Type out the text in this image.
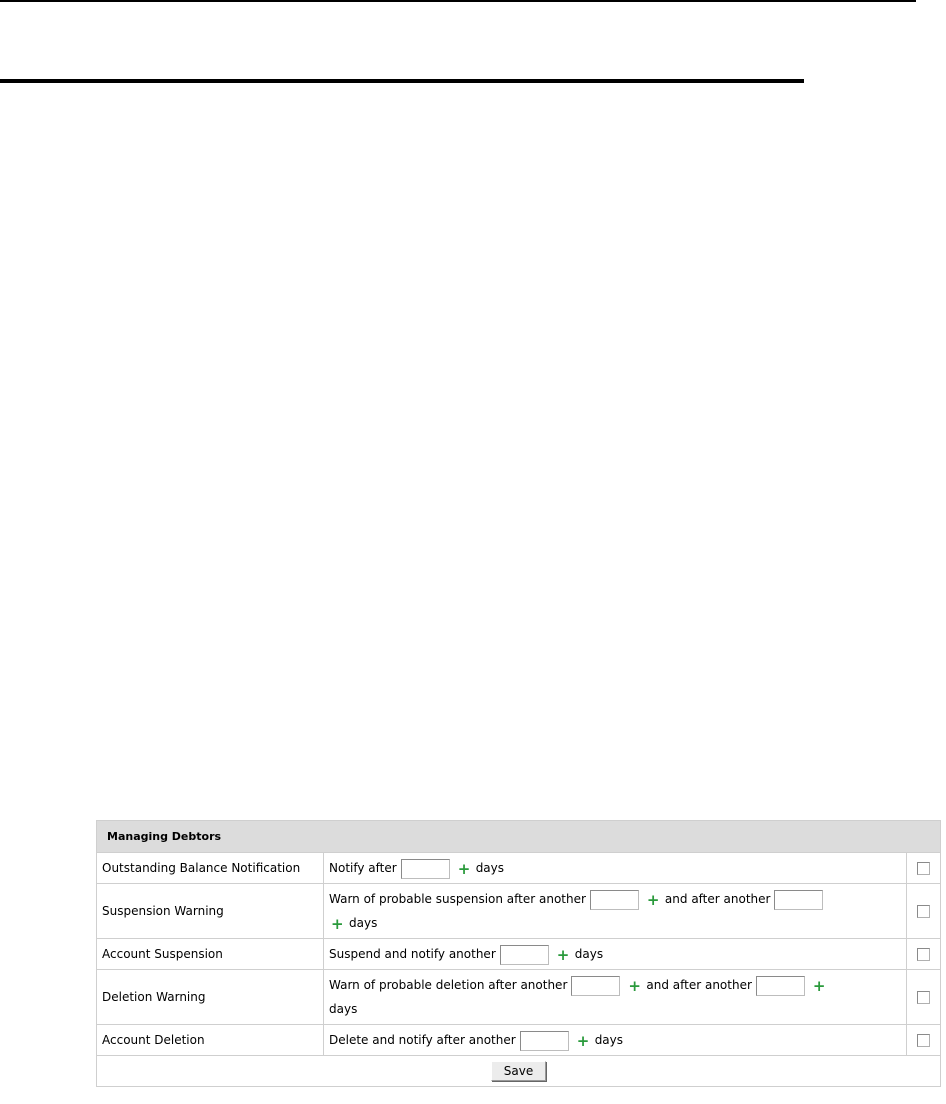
Managing Debtors		
Outstanding Balance Notification	Notify after + days	
Suspension Warning	Warn of probable suspension after another + and after another
+ days	
Account Suspension	Suspend and notify another + days	
Deletion Warning	Warn of probable deletion after another + and after another +
days	
Account Deletion	Delete and notify after another + days	
Save		
